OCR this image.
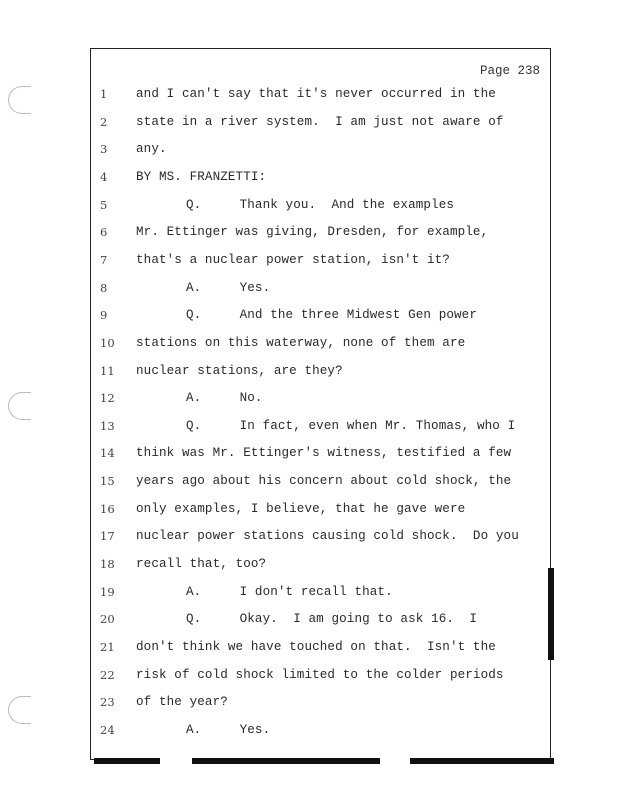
Page 238
1 and I can't say that it's never occurred in the
2 state in a river system.  I am just not aware of
3 any.
4 BY MS. FRANZETTI:
5	Q.     Thank you.  And the examples
6 Mr. Ettinger was giving, Dresden, for example,
7 that's a nuclear power station, isn't it?
8	A.     Yes.
9	Q.     And the three Midwest Gen power
10 stations on this waterway, none of them are
11 nuclear stations, are they?
12	A.     No.
13	Q.     In fact, even when Mr. Thomas, who I
14 think was Mr. Ettinger's witness, testified a few
15 years ago about his concern about cold shock, the
16 only examples, I believe, that he gave were
17 nuclear power stations causing cold shock.  Do you
18 recall that, too?
19	A.     I don't recall that.
20	Q.     Okay.  I am going to ask 16.  I
21 don't think we have touched on that.  Isn't the
22 risk of cold shock limited to the colder periods
23 of the year?
24	A.     Yes.
